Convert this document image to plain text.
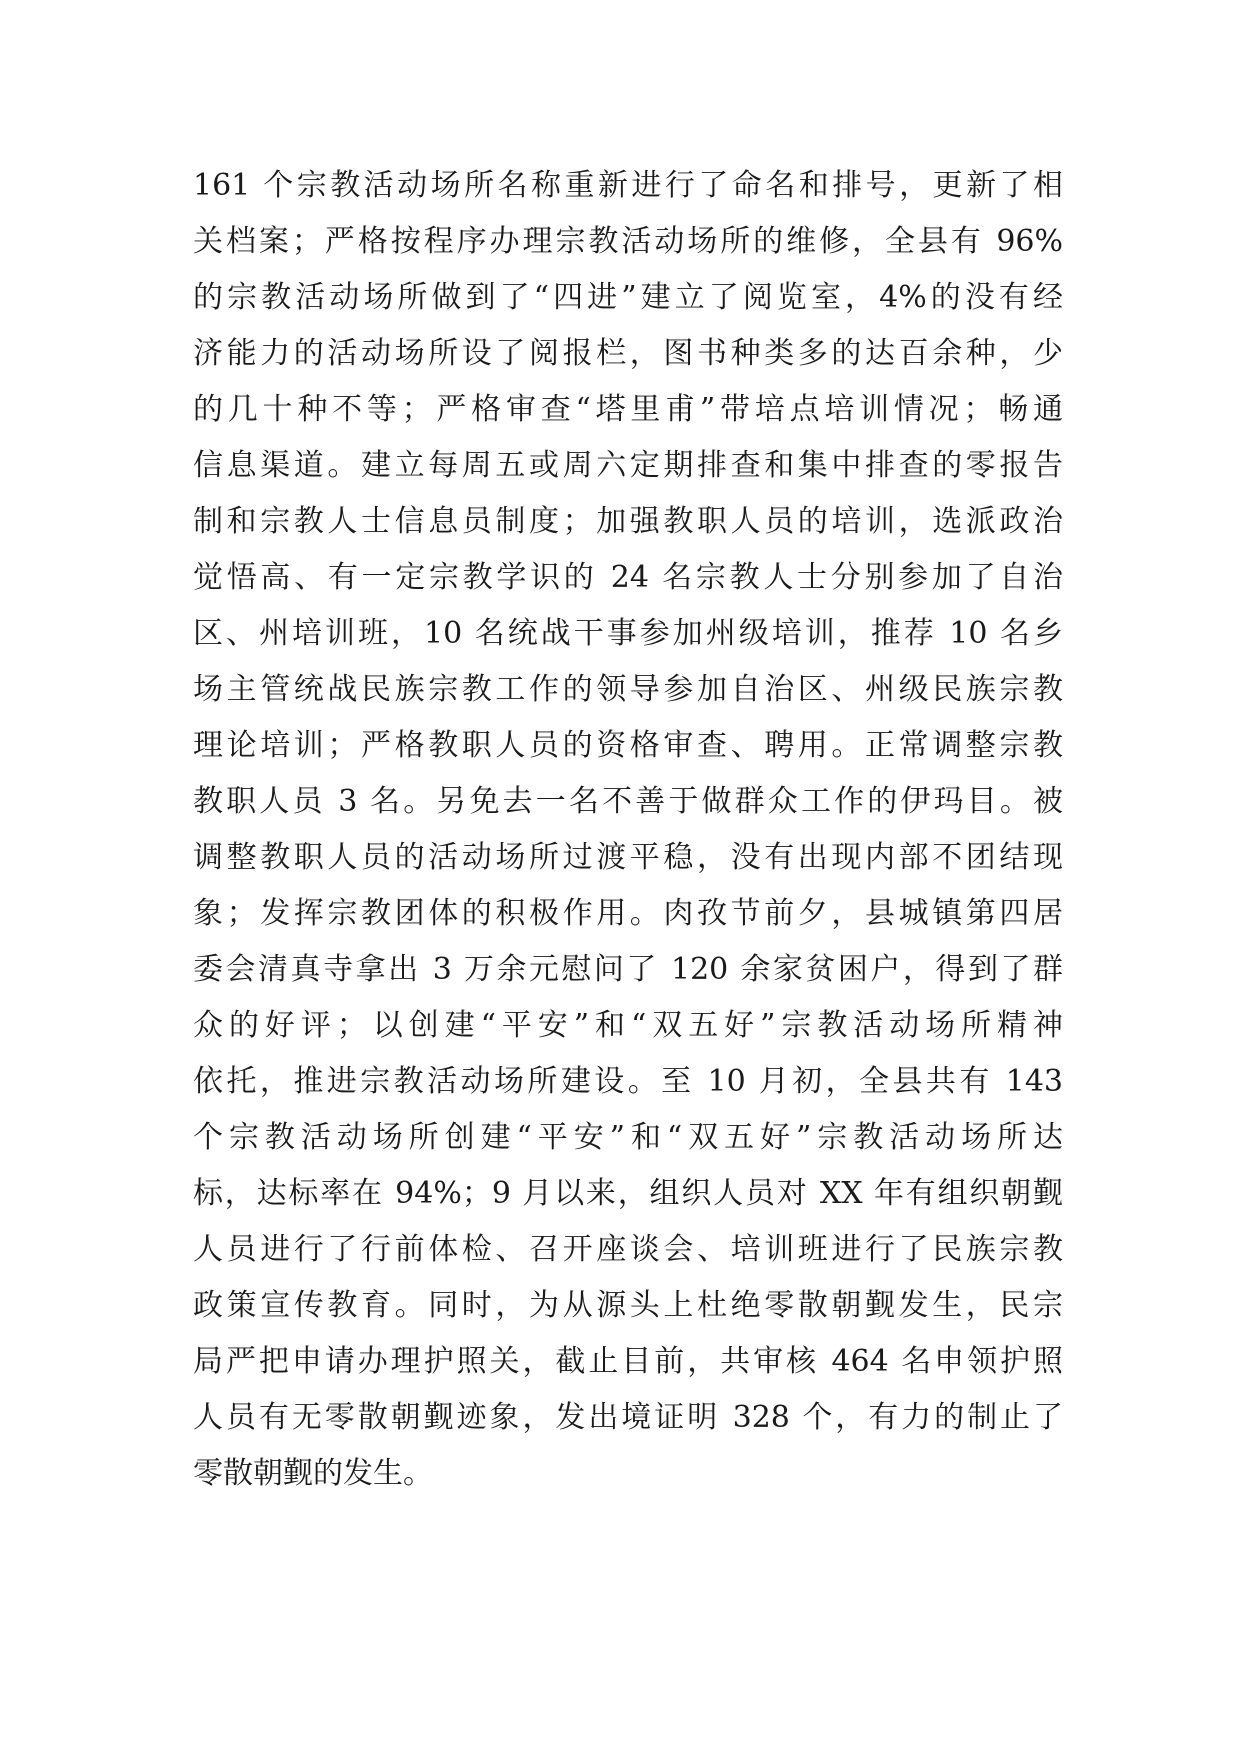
161 个宗教活动场所名称重新进行了命名和排号，更新了相
关档案；严格按程序办理宗教活动场所的维修，全县有 96%
的宗教活动场所做到了“四进”建立了阅览室，4%的没有经
济能力的活动场所设了阅报栏，图书种类多的达百余种，少
的几十种不等；严格审查“塔里甫”带培点培训情况；畅通
信息渠道。建立每周五或周六定期排查和集中排查的零报告
制和宗教人士信息员制度；加强教职人员的培训，选派政治
觉悟高、有一定宗教学识的 24 名宗教人士分别参加了自治
区、州培训班，10 名统战干事参加州级培训，推荐 10 名乡
场主管统战民族宗教工作的领导参加自治区、州级民族宗教
理论培训；严格教职人员的资格审查、聘用。正常调整宗教
教职人员 3 名。另免去一名不善于做群众工作的伊玛目。被
调整教职人员的活动场所过渡平稳，没有出现内部不团结现
象；发挥宗教团体的积极作用。肉孜节前夕，县城镇第四居
委会清真寺拿出 3 万余元慰问了 120 余家贫困户，得到了群
众的好评；以创建“平安”和“双五好”宗教活动场所精神
依托，推进宗教活动场所建设。至 10 月初，全县共有 143
个宗教活动场所创建“平安”和“双五好”宗教活动场所达
标，达标率在 94%；9 月以来，组织人员对 XX 年有组织朝觐
人员进行了行前体检、召开座谈会、培训班进行了民族宗教
政策宣传教育。同时，为从源头上杜绝零散朝觐发生，民宗
局严把申请办理护照关，截止目前，共审核 464 名申领护照
人员有无零散朝觐迹象，发出境证明 328 个，有力的制止了
零散朝觐的发生。
